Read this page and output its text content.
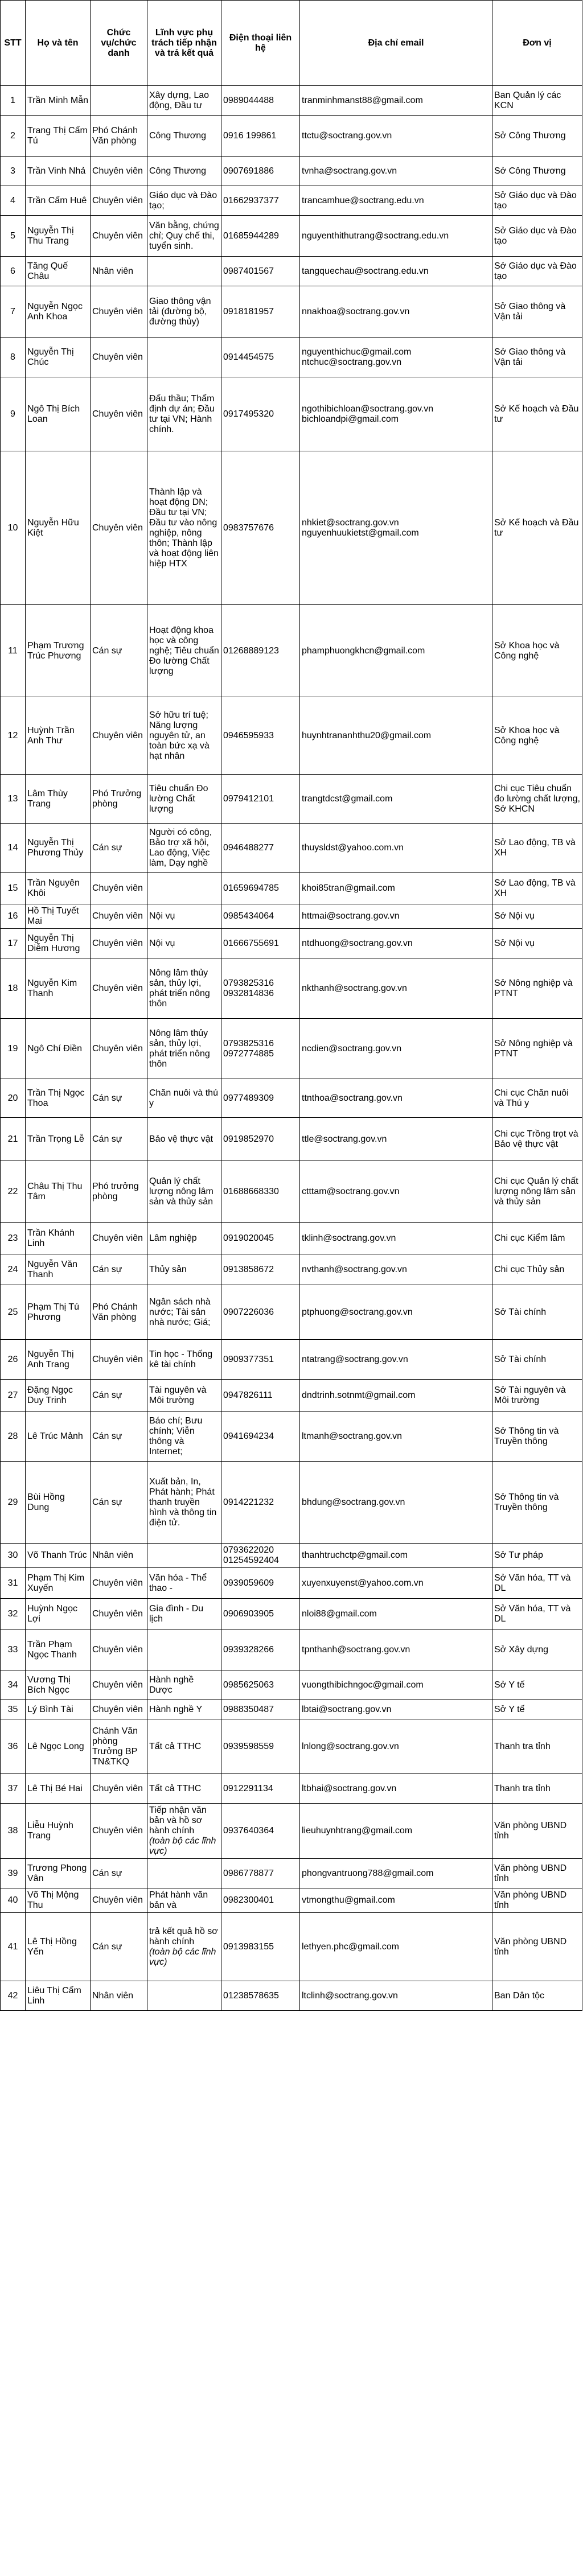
STT	Họ và tên	Chức vụ/chức danh	Lĩnh vực phụ trách tiếp nhận và trả kết quả	Điện thoại liên hệ	Địa chỉ email	Đơn vị
1	Trần Minh Mẫn		Xây dựng, Lao động, Đầu tư	0989044488	tranminhmanst88@gmail.com	Ban Quản lý các KCN
2	Trang Thị Cẩm Tú	Phó Chánh Văn phòng	Công Thương	0916 199861	ttctu@soctrang.gov.vn	Sở Công Thương
3	Trần Vinh Nhả	Chuyên viên	Công Thương	0907691886	tvnha@soctrang.gov.vn	Sở Công Thương
4	Trần Cẩm Huê	Chuyên viên	Giáo dục và Đào tạo;	01662937377	trancamhue@soctrang.edu.vn	Sở Giáo dục và Đào tạo
5	Nguyễn Thị Thu Trang	Chuyên viên	Văn bằng, chứng chỉ; Quy chế thi, tuyển sinh.	01685944289	nguyenthithutrang@soctrang.edu.vn	Sở Giáo dục và Đào tạo
6	Tăng Quế Châu	Nhân viên		0987401567	tangquechau@soctrang.edu.vn	Sở Giáo dục và Đào tạo
7	Nguyễn Ngọc Anh Khoa	Chuyên viên	Giao thông vận tải (đường bộ, đường thủy)	0918181957	nnakhoa@soctrang.gov.vn	Sở Giao thông và Vận tải
8	Nguyễn Thị Chúc	Chuyên viên		0914454575	nguyenthichuc@gmail.com
ntchuc@soctrang.gov.vn	Sở Giao thông và Vận tải
9	Ngô Thị Bích Loan	Chuyên viên	Đấu thầu; Thẩm định dự án; Đầu tư tại VN; Hành chính.	0917495320	ngothibichloan@soctrang.gov.vn
bichloandpi@gmail.com	Sở Kế hoạch và Đầu tư
10	Nguyễn Hữu Kiệt	Chuyên viên	Thành lập và hoạt động DN; Đầu tư tại VN; Đầu tư vào nông nghiệp, nông thôn; Thành lập và hoạt động liên hiệp HTX	0983757676	nhkiet@soctrang.gov.vn
nguyenhuukietst@gmail.com	Sở Kế hoạch và Đầu tư
11	Phạm Trương Trúc Phương	Cán sự	Hoạt động khoa học và công nghệ; Tiêu chuẩn Đo lường Chất lượng	01268889123	phamphuongkhcn@gmail.com	Sở Khoa học và Công nghệ
12	Huỳnh Trần Anh Thư	Chuyên viên	Sở hữu trí tuệ; Năng lượng nguyên tử, an toàn bức xạ và hạt nhân	0946595933	huynhtrananhthu20@gmail.com	Sở Khoa học và Công nghệ
13	Lâm Thùy Trang	Phó Trưởng phòng	Tiêu chuẩn Đo lường Chất lượng	0979412101	trangtdcst@gmail.com	Chi cục Tiêu chuẩn đo lường chất lượng, Sở KHCN
14	Nguyễn Thị Phương Thủy	Cán sự	Người có công, Bảo trợ xã hội, Lao động, Việc làm, Dạy nghề	0946488277	thuysldst@yahoo.com.vn	Sở Lao động, TB và XH
15	Trần Nguyên Khôi	Chuyên viên		01659694785	khoi85tran@gmail.com	Sở Lao động, TB và XH
16	Hồ Thị Tuyết Mai	Chuyên viên	Nội vụ	0985434064	httmai@soctrang.gov.vn	Sở Nội vụ
17	Nguyễn Thị Diễm Hương	Chuyên viên	Nội vụ	01666755691	ntdhuong@soctrang.gov.vn	Sở Nội vụ
18	Nguyễn Kim Thanh	Chuyên viên	Nông lâm thủy sản, thủy lợi, phát triển nông thôn	0793825316
0932814836	nkthanh@soctrang.gov.vn	Sở Nông nghiệp và PTNT
19	Ngô Chí Điền	Chuyên viên	Nông lâm thủy sản, thủy lợi, phát triển nông thôn	0793825316
0972774885	ncdien@soctrang.gov.vn	Sở Nông nghiệp và PTNT
20	Trần Thị Ngọc Thoa	Cán sự	Chăn nuôi và thú y	0977489309	ttnthoa@soctrang.gov.vn	Chi cục Chăn nuôi và Thú y
21	Trần Trọng Lễ	Cán sự	Bảo vệ thực vật	0919852970	ttle@soctrang.gov.vn	Chi cục Trồng trọt và Bảo vệ thực vật
22	Châu Thị Thu Tâm	Phó trưởng phòng	Quản lý chất lượng nông lâm sản và thủy sản	01688668330	ctttam@soctrang.gov.vn	Chi cục Quản lý chất lượng nông lâm sản và thủy sản
23	Trần Khánh Linh	Chuyên viên	Lâm nghiệp	0919020045	tklinh@soctrang.gov.vn	Chi cục Kiểm lâm
24	Nguyễn Văn Thanh	Cán sự	Thủy sản	0913858672	nvthanh@soctrang.gov.vn	Chi cục Thủy sản
25	Phạm Thị Tú Phương	Phó Chánh Văn phòng	Ngân sách nhà nước; Tài sản nhà nước; Giá;	0907226036	ptphuong@soctrang.gov.vn	Sở Tài chính
26	Nguyễn Thị Anh Trang	Chuyên viên	Tin học - Thống kê tài chính	0909377351	ntatrang@soctrang.gov.vn	Sở Tài chính
27	Đặng Ngọc Duy Trinh	Cán sự	Tài nguyên và Môi trường	0947826111	dndtrinh.sotnmt@gmail.com	Sở Tài nguyên và Môi trường
28	Lê Trúc Mảnh	Cán sự	Báo chí; Bưu chính; Viễn thông và Internet;	0941694234	ltmanh@soctrang.gov.vn	Sở Thông tin và Truyền thông
29	Bùi Hồng Dung	Cán sự	Xuất bản, In, Phát hành; Phát thanh truyền hình và thông tin điện tử.	0914221232	bhdung@soctrang.gov.vn	Sở Thông tin và Truyền thông
30	Võ Thanh Trúc	Nhân viên		0793622020
01254592404	thanhtruchctp@gmail.com	Sở Tư pháp
31	Phạm Thị Kim Xuyến	Chuyên viên	Văn hóa - Thể thao -	0939059609	xuyenxuyenst@yahoo.com.vn	Sở Văn hóa, TT và DL
32	Huỳnh Ngọc Lợi	Chuyên viên	Gia đình - Du lịch	0906903905	nloi88@gmail.com	Sở Văn hóa, TT và DL
33	Trần Phạm Ngọc Thanh	Chuyên viên		0939328266	tpnthanh@soctrang.gov.vn	Sở Xây dựng
34	Vương Thị Bích Ngọc	Chuyên viên	Hành nghề Dược	0985625063	vuongthibichngoc@gmail.com	Sở Y tế
35	Lý Bình Tài	Chuyên viên	Hành nghề Y	0988350487	lbtai@soctrang.gov.vn	Sở Y tế
36	Lê Ngọc Long	Chánh Văn phòng Trưởng BP TN&TKQ	Tất cả TTHC	0939598559	lnlong@soctrang.gov.vn	Thanh tra tỉnh
37	Lê Thị Bé Hai	Chuyên viên	Tất cả TTHC	0912291134	ltbhai@soctrang.gov.vn	Thanh tra tỉnh
38	Liễu Huỳnh Trang	Chuyên viên	Tiếp nhận văn bản và hồ sơ hành chính
(toàn bộ các lĩnh vực)	0937640364	lieuhuynhtrang@gmail.com	Văn phòng UBND tỉnh
39	Trương Phong Vân	Cán sự		0986778877	phongvantruong788@gmail.com	Văn phòng UBND tỉnh
40	Võ Thị Mộng Thu	Chuyên viên	Phát hành văn bản và	0982300401	vtmongthu@gmail.com	Văn phòng UBND tỉnh
41	Lê Thị Hồng Yến	Cán sự	trả kết quả hồ sơ hành chính
(toàn bộ các lĩnh vực)	0913983155	lethyen.phc@gmail.com	Văn phòng UBND tỉnh
42	Liêu Thị Cẩm Linh	Nhân viên		01238578635	ltclinh@soctrang.gov.vn	Ban Dân tộc
